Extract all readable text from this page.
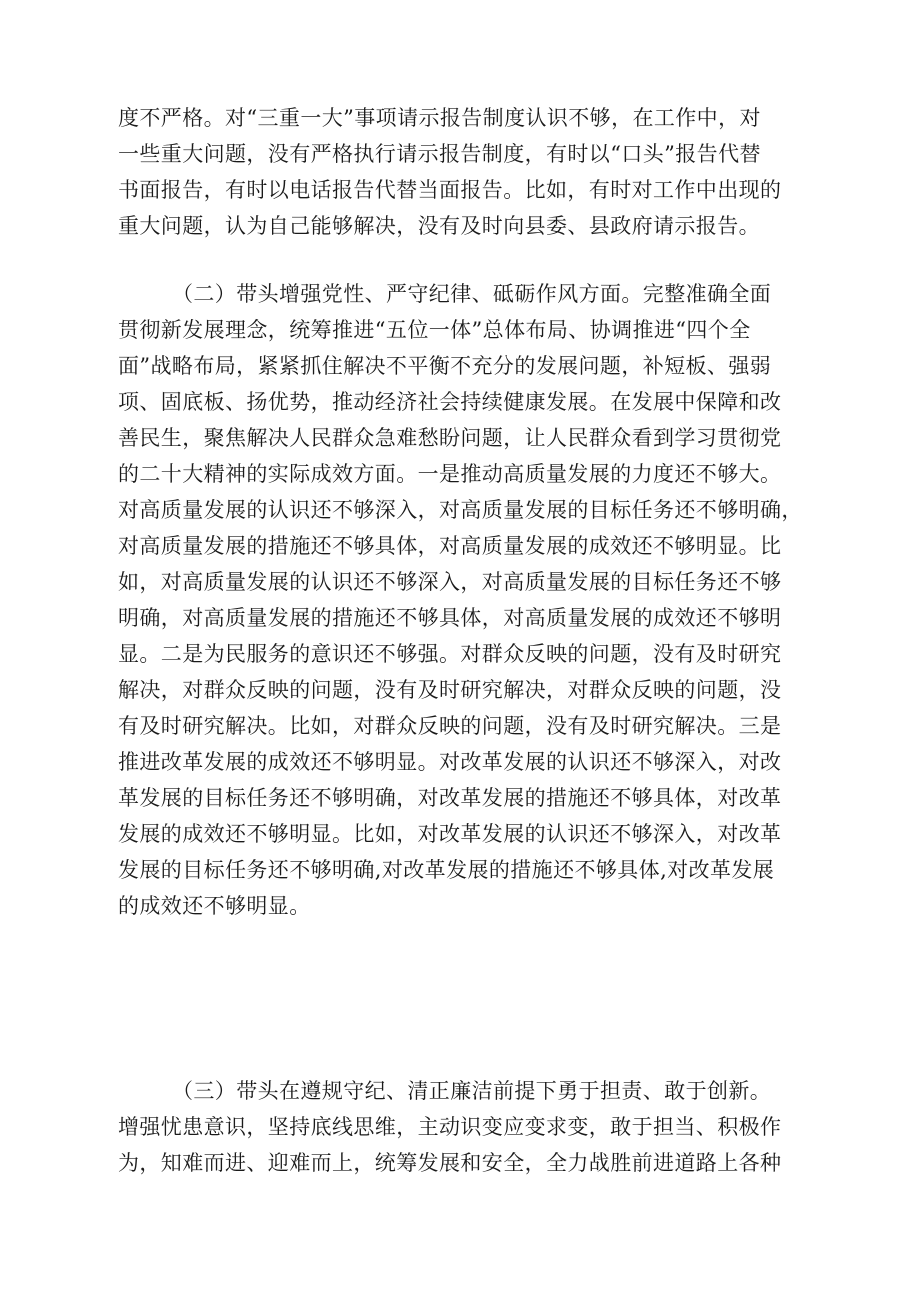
度不严格。对“三重一大”事项请示报告制度认识不够，在工作中，对
一些重大问题，没有严格执行请示报告制度，有时以“口头”报告代替
书面报告，有时以电话报告代替当面报告。比如，有时对工作中出现的
重大问题，认为自己能够解决，没有及时向县委、县政府请示报告。
（二）带头增强党性、严守纪律、砥砺作风方面。完整准确全面
贯彻新发展理念，统筹推进“五位一体”总体布局、协调推进“四个全
面”战略布局，紧紧抓住解决不平衡不充分的发展问题，补短板、强弱
项、固底板、扬优势，推动经济社会持续健康发展。在发展中保障和改
善民生，聚焦解决人民群众急难愁盼问题，让人民群众看到学习贯彻党
的二十大精神的实际成效方面。一是推动高质量发展的力度还不够大。
对高质量发展的认识还不够深入，对高质量发展的目标任务还不够明确，
对高质量发展的措施还不够具体，对高质量发展的成效还不够明显。比
如，对高质量发展的认识还不够深入，对高质量发展的目标任务还不够
明确，对高质量发展的措施还不够具体，对高质量发展的成效还不够明
显。二是为民服务的意识还不够强。对群众反映的问题，没有及时研究
解决，对群众反映的问题，没有及时研究解决，对群众反映的问题，没
有及时研究解决。比如，对群众反映的问题，没有及时研究解决。三是
推进改革发展的成效还不够明显。对改革发展的认识还不够深入，对改
革发展的目标任务还不够明确，对改革发展的措施还不够具体，对改革
发展的成效还不够明显。比如，对改革发展的认识还不够深入，对改革
发展的目标任务还不够明确,对改革发展的措施还不够具体,对改革发展
的成效还不够明显。
（三）带头在遵规守纪、清正廉洁前提下勇于担责、敢于创新。
增强忧患意识，坚持底线思维，主动识变应变求变，敢于担当、积极作
为，知难而进、迎难而上，统筹发展和安全，全力战胜前进道路上各种
